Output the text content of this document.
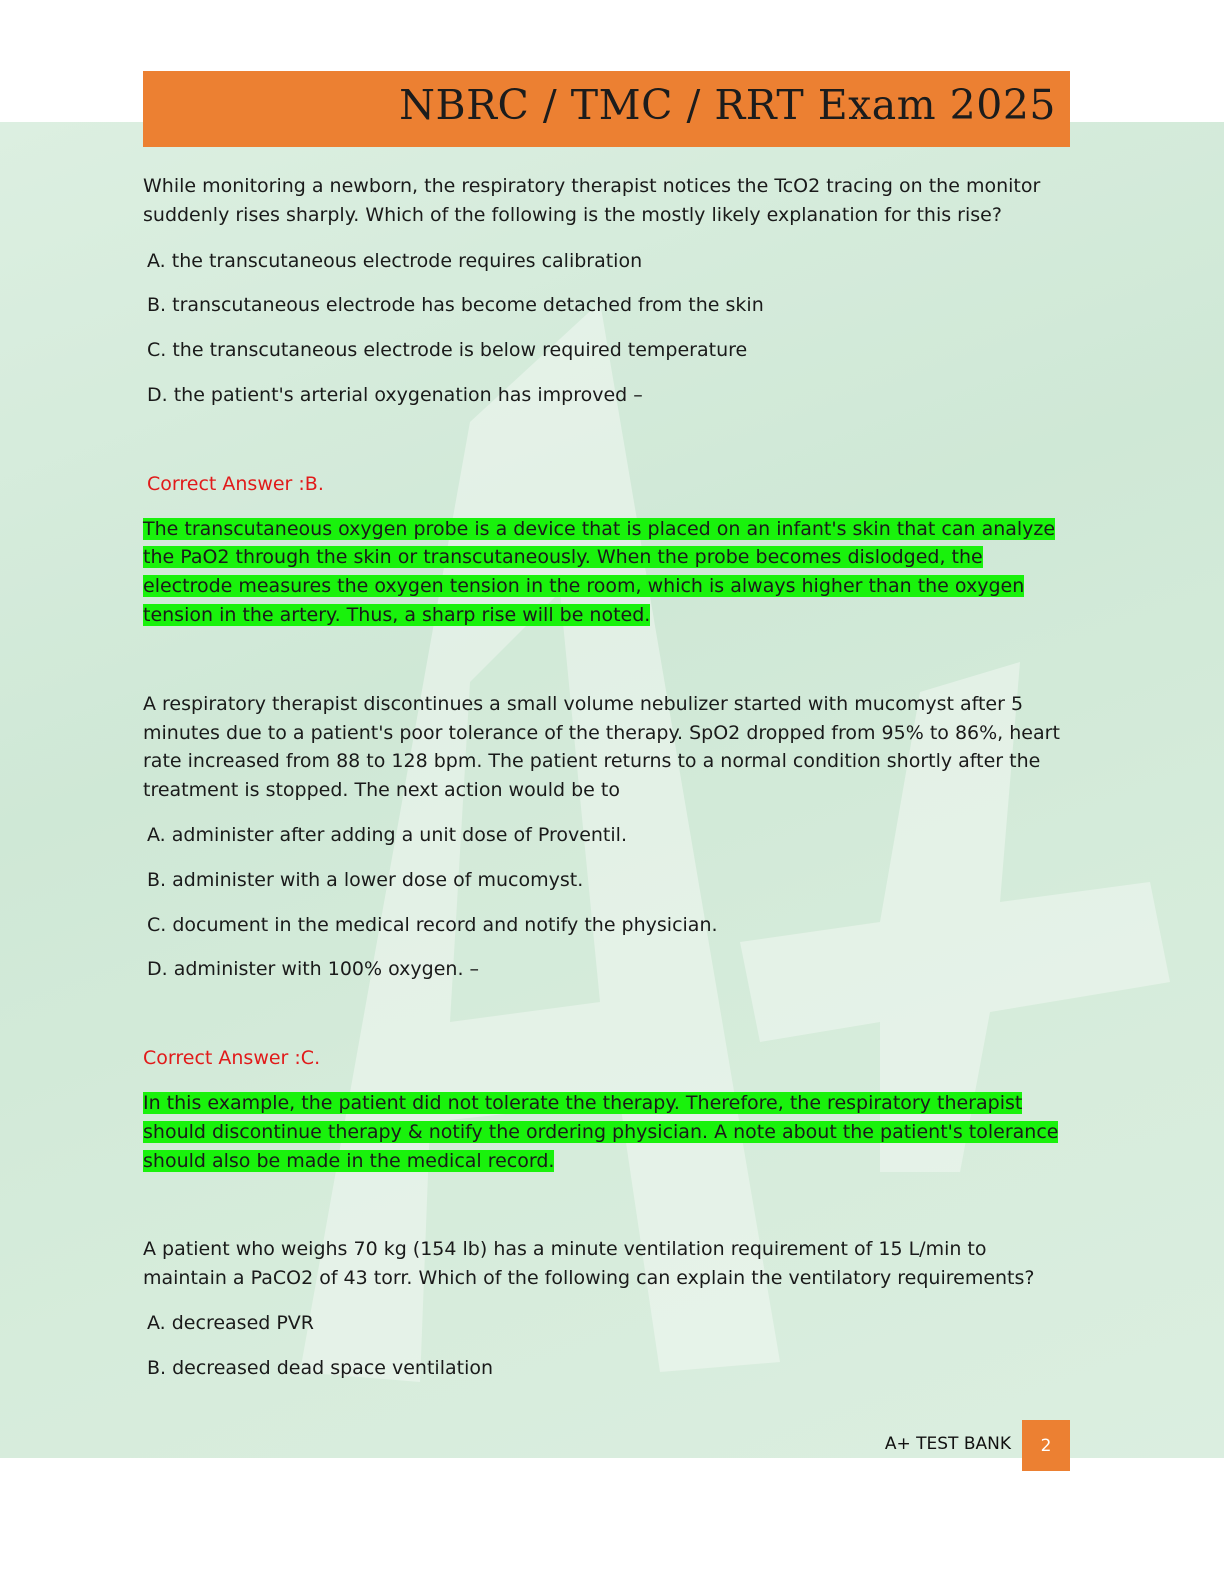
NBRC / TMC / RRT Exam 2025

While monitoring a newborn, the respiratory therapist notices the TcO2 tracing on the monitor suddenly rises sharply. Which of the following is the mostly likely explanation for this rise?

A. the transcutaneous electrode requires calibration

B. transcutaneous electrode has become detached from the skin

C. the transcutaneous electrode is below required temperature

D. the patient's arterial oxygenation has improved –

Correct Answer :B.

The transcutaneous oxygen probe is a device that is placed on an infant's skin that can analyze the PaO2 through the skin or transcutaneously. When the probe becomes dislodged, the electrode measures the oxygen tension in the room, which is always higher than the oxygen tension in the artery. Thus, a sharp rise will be noted.

A respiratory therapist discontinues a small volume nebulizer started with mucomyst after 5 minutes due to a patient's poor tolerance of the therapy. SpO2 dropped from 95% to 86%, heart rate increased from 88 to 128 bpm. The patient returns to a normal condition shortly after the treatment is stopped. The next action would be to

A. administer after adding a unit dose of Proventil.

B. administer with a lower dose of mucomyst.

C. document in the medical record and notify the physician.

D. administer with 100% oxygen. –

Correct Answer :C.

In this example, the patient did not tolerate the therapy. Therefore, the respiratory therapist should discontinue therapy & notify the ordering physician. A note about the patient's tolerance should also be made in the medical record.

A patient who weighs 70 kg (154 lb) has a minute ventilation requirement of 15 L/min to maintain a PaCO2 of 43 torr. Which of the following can explain the ventilatory requirements?

A. decreased PVR

B. decreased dead space ventilation

A+ TEST BANK	2
